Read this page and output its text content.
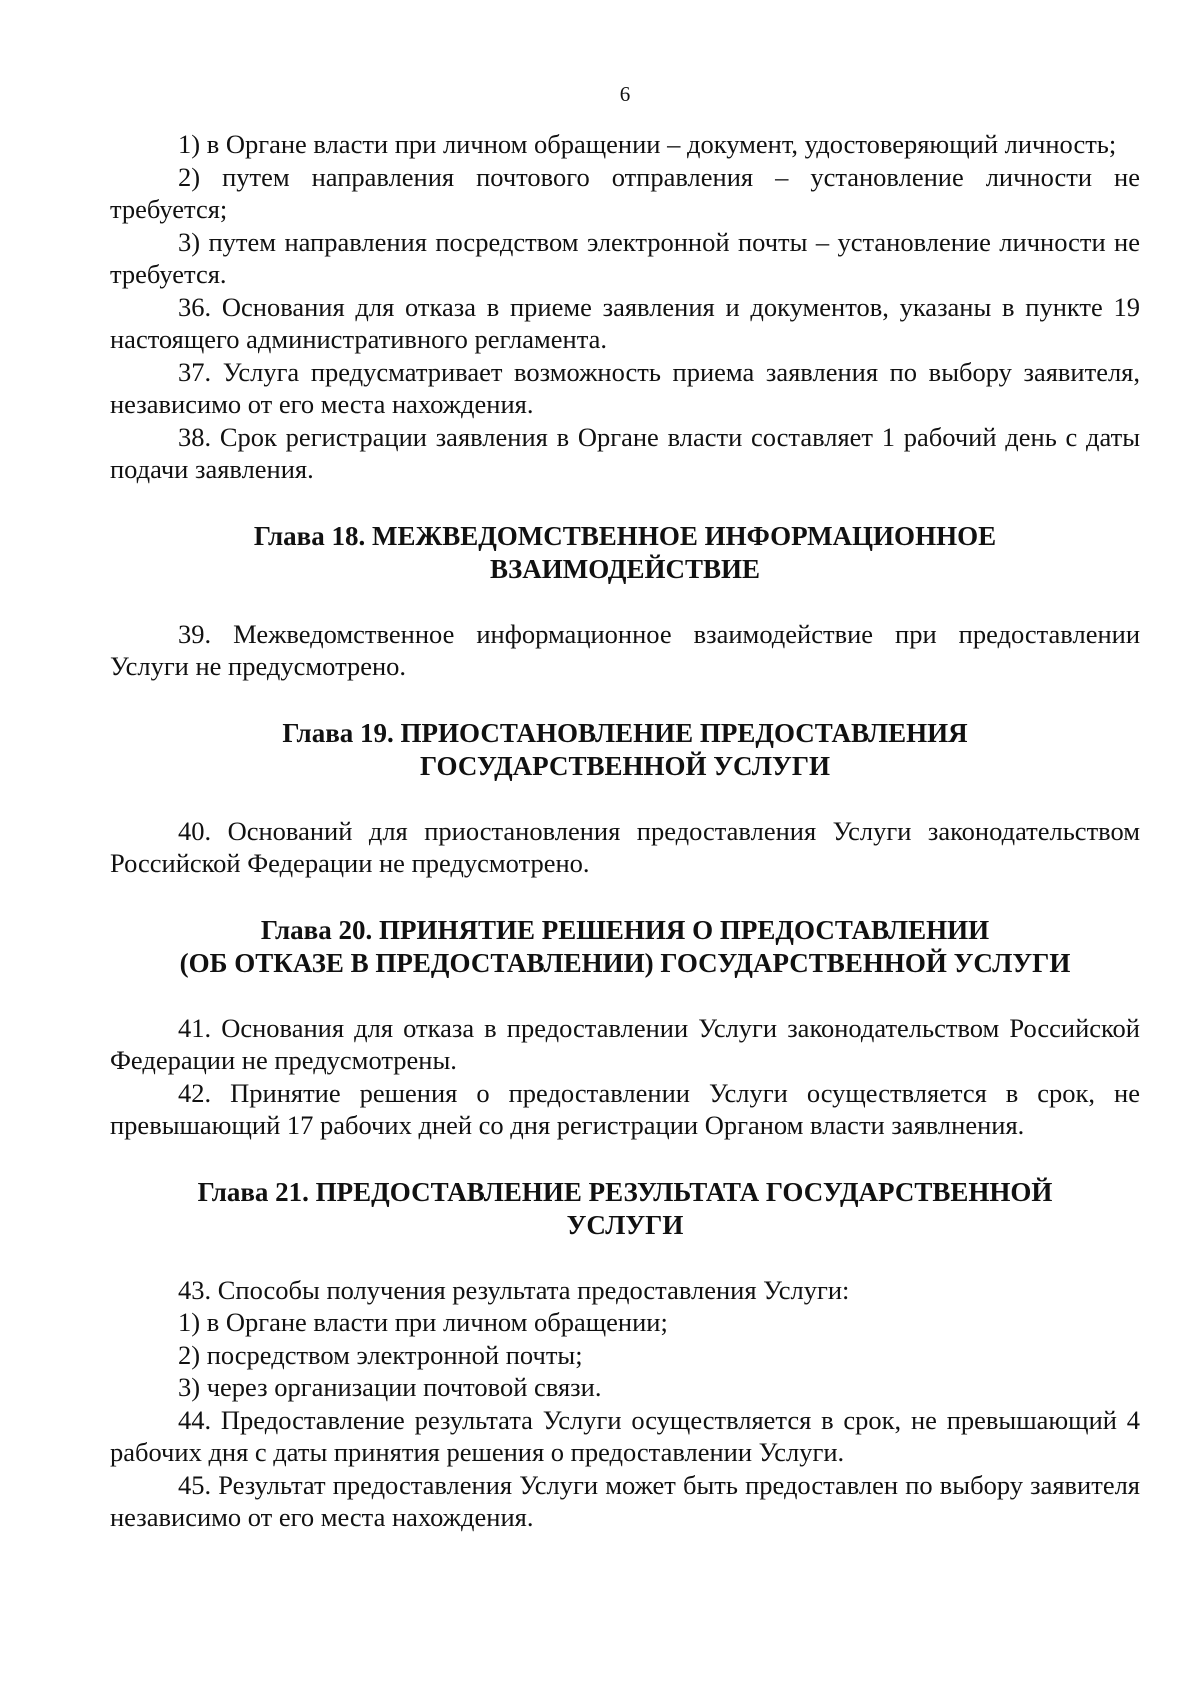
6

1) в Органе власти при личном обращении – документ, удостоверяющий личность;

2) путем направления почтового отправления – установление личности не требуется;

3) путем направления посредством электронной почты – установление личности не требуется.

36. Основания для отказа в приеме заявления и документов, указаны в пункте 19 настоящего административного регламента.

37. Услуга предусматривает возможность приема заявления по выбору заявителя, независимо от его места нахождения.

38. Срок регистрации заявления в Органе власти составляет 1 рабочий день с даты подачи заявления.

Глава 18. МЕЖВЕДОМСТВЕННОЕ ИНФОРМАЦИОННОЕ
ВЗАИМОДЕЙСТВИЕ

39. Межведомственное информационное взаимодействие при предоставлении Услуги не предусмотрено.

Глава 19. ПРИОСТАНОВЛЕНИЕ ПРЕДОСТАВЛЕНИЯ
ГОСУДАРСТВЕННОЙ УСЛУГИ

40. Оснований для приостановления предоставления Услуги законодательством Российской Федерации не предусмотрено.

Глава 20. ПРИНЯТИЕ РЕШЕНИЯ О ПРЕДОСТАВЛЕНИИ
(ОБ ОТКАЗЕ В ПРЕДОСТАВЛЕНИИ) ГОСУДАРСТВЕННОЙ УСЛУГИ

41. Основания для отказа в предоставлении Услуги законодательством Российской Федерации не предусмотрены.

42. Принятие решения о предоставлении Услуги осуществляется в срок, не превышающий 17 рабочих дней со дня регистрации Органом власти заявлнения.

Глава 21. ПРЕДОСТАВЛЕНИЕ РЕЗУЛЬТАТА ГОСУДАРСТВЕННОЙ
УСЛУГИ

43. Способы получения результата предоставления Услуги:

1) в Органе власти при личном обращении;

2) посредством электронной почты;

3) через организации почтовой связи.

44. Предоставление результата Услуги осуществляется в срок, не превышающий 4 рабочих дня с даты принятия решения о предоставлении Услуги.

45. Результат предоставления Услуги может быть предоставлен по выбору заявителя независимо от его места нахождения.
